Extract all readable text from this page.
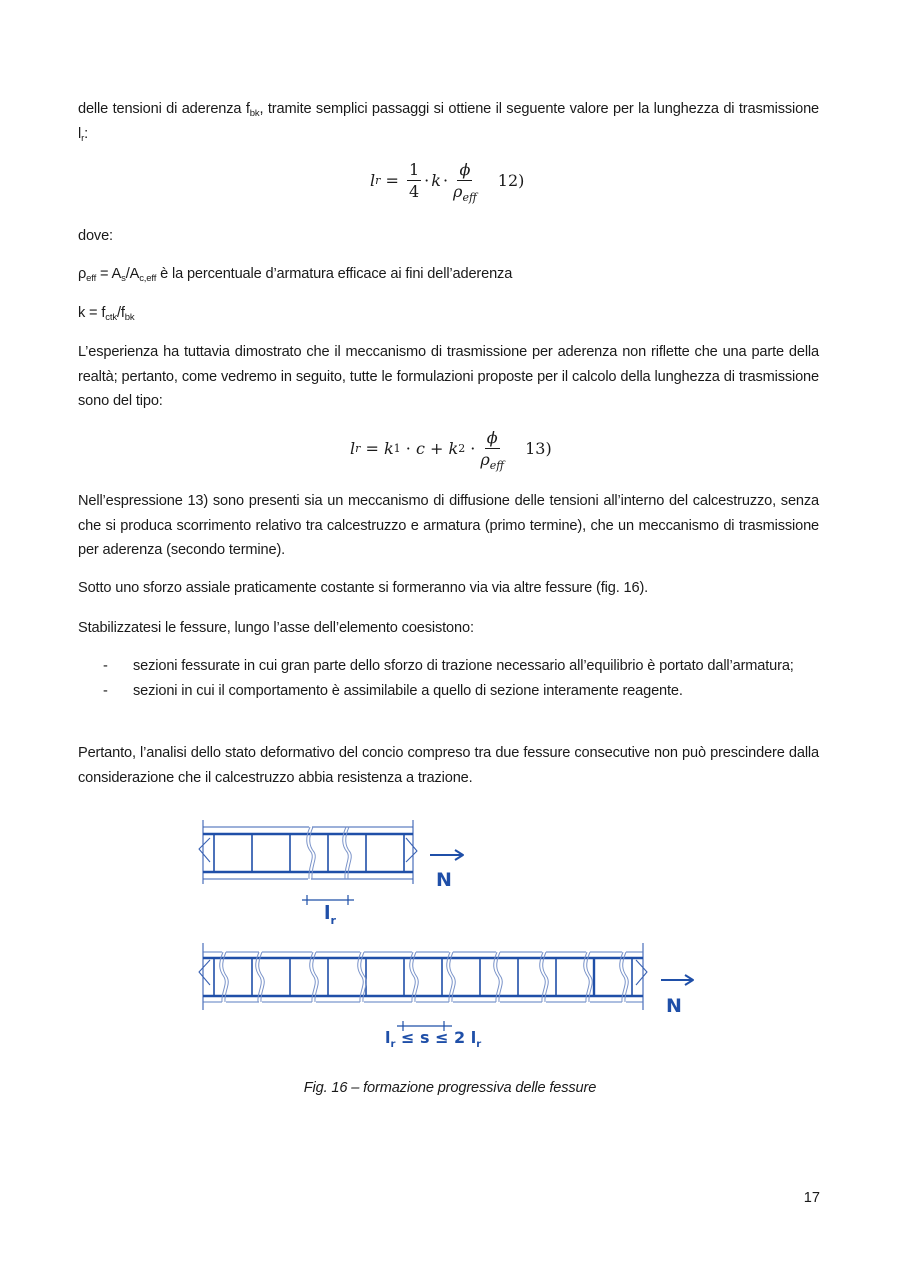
delle tensioni di aderenza $f_{bk}$, tramite semplici passaggi si ottiene il seguente valore per la lunghezza di trasmissione $l_r$:
l $r = \frac{1}{4} \cdot k \cdot \frac{\phi}{\rho_{eff}} 12$)
dove:
$\rho_{eff} = A_s/A_{c,eff}$ è la percentuale d’armatura efficace ai fini dell’aderenza
$k = f_{ctk}/f_{bk}$
L’esperienza ha tuttavia dimostrato che il meccanismo di trasmissione per aderenza non riflette che una parte della realtà; pertanto, come vedremo in seguito, tutte le formulazioni proposte per il calcolo della lunghezza di trasmissione sono del tipo:
l r = k 1 · c + k $2 \cdot \frac{\phi}{\rho_{eff}} 13$)
Nell’espressione 13) sono presenti sia un meccanismo di diffusione delle tensioni all’interno del calcestruzzo, senza che si produca scorrimento relativo tra calcestruzzo e armatura (primo termine), che un meccanismo di trasmissione per aderenza (secondo termine).
Sotto uno sforzo assiale praticamente costante si formeranno via via altre fessure (fig. 16).
Stabilizzatesi le fessure, lungo l’asse dell’elemento coesistono:
- sezioni fessurate in cui gran parte dello sforzo di trazione necessario all’equilibrio è portato dall’armatura;
- sezioni in cui il comportamento è assimilabile a quello di sezione interamente reagente.
Pertanto, l’analisi dello stato deformativo del concio compreso tra due fessure consecutive non può prescindere dalla considerazione che il calcestruzzo abbia resistenza a trazione.
N
$l_r$
N
$l_r \le s \le 2$ $l_r$
Fig. 16 – formazione progressiva delle fessure
17
